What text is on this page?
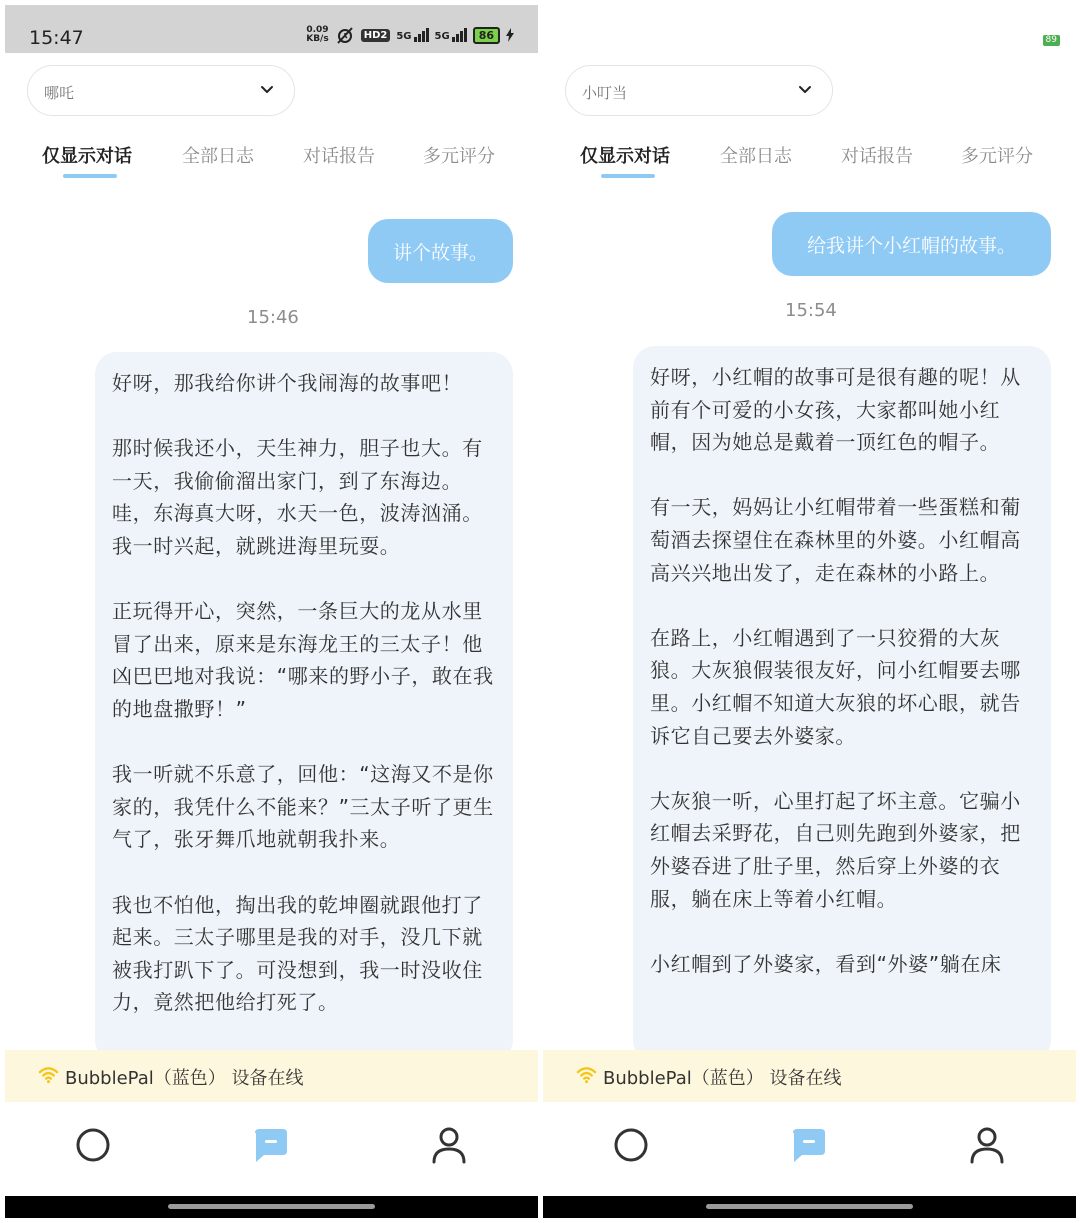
15:47	0.09
KB/s	HD2 5G 5G	86
哪吒
仅显示对话	全部日志	对话报告	多元评分
讲个故事。
15:46

好呀，那我给你讲个我闹海的故事吧！

那时候我还小，天生神力，胆子也大。有一天，我偷偷溜出家门，到了东海边。哇，东海真大呀，水天一色，波涛汹涌。我一时兴起，就跳进海里玩耍。

正玩得开心，突然，一条巨大的龙从水里冒了出来，原来是东海龙王的三太子！他凶巴巴地对我说：“哪来的野小子，敢在我的地盘撒野！”

我一听就不乐意了，回他：“这海又不是你家的，我凭什么不能来？”三太子听了更生气了，张牙舞爪地就朝我扑来。

我也不怕他，掏出我的乾坤圈就跟他打了起来。三太子哪里是我的对手，没几下就被我打趴下了。可没想到，我一时没收住力，竟然把他给打死了。

BubblePal（蓝色） 设备在线
89
小叮当
仅显示对话	全部日志	对话报告	多元评分
给我讲个小红帽的故事。
15:54

好呀，小红帽的故事可是很有趣的呢！从前有个可爱的小女孩，大家都叫她小红帽，因为她总是戴着一顶红色的帽子。

有一天，妈妈让小红帽带着一些蛋糕和葡萄酒去探望住在森林里的外婆。小红帽高高兴兴地出发了，走在森林的小路上。

在路上，小红帽遇到了一只狡猾的大灰狼。大灰狼假装很友好，问小红帽要去哪里。小红帽不知道大灰狼的坏心眼，就告诉它自己要去外婆家。

大灰狼一听，心里打起了坏主意。它骗小红帽去采野花，自己则先跑到外婆家，把外婆吞进了肚子里，然后穿上外婆的衣服，躺在床上等着小红帽。

小红帽到了外婆家，看到“外婆”躺在床

BubblePal（蓝色） 设备在线
